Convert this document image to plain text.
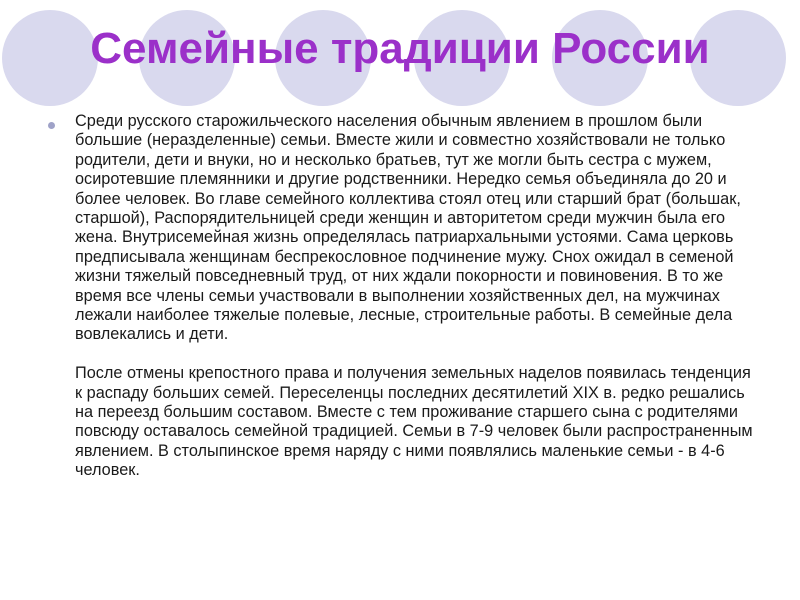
Семейные традиции России

Среди русского старожильческого населения обычным явлением в прошлом были большие (неразделенные) семьи. Вместе жили и совместно хозяйствовали не только родители, дети и внуки, но и несколько братьев, тут же могли быть сестра с мужем, осиротевшие племянники и другие родственники. Нередко семья объединяла до 20 и более человек. Во главе семейного коллектива стоял отец или старший брат (большак, старшой), Распорядительницей среди женщин и авторитетом среди мужчин была его жена. Внутрисемейная жизнь определялась патриархальными устоями. Сама церковь предписывала женщинам беспрекословное подчинение мужу. Снох ожидал в семеной жизни тяжелый повседневный труд, от них ждали покорности и повиновения. В то же время все члены семьи участвовали в выполнении хозяйственных дел, на мужчинах лежали наиболее тяжелые полевые, лесные, строительные работы. В семейные дела вовлекались и дети.

После отмены крепостного права и получения земельных наделов появилась тенденция к распаду больших семей. Переселенцы последних десятилетий XIX в. редко решались на переезд большим составом. Вместе с тем проживание старшего сына с родителями повсюду оставалось семейной традицией. Семьи в 7-9 человек были распространенным явлением. В столыпинское время наряду с ними появлялись маленькие семьи - в 4-6 человек.
